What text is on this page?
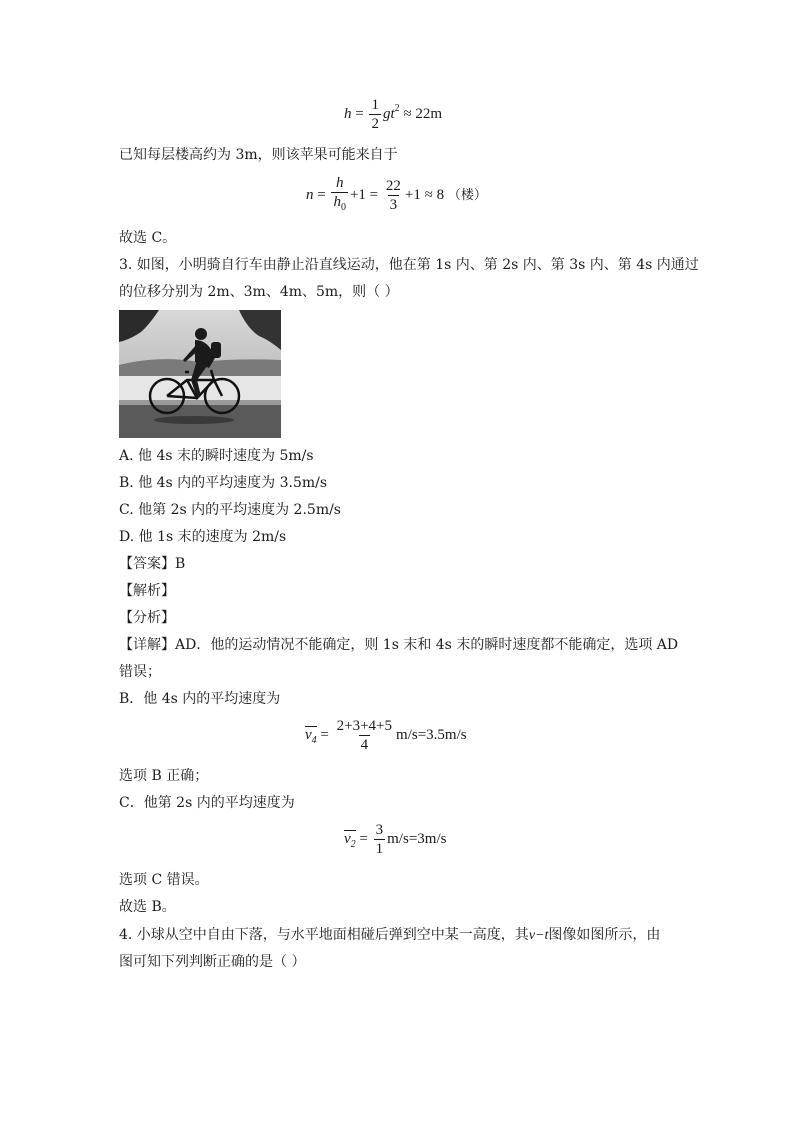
$h = \frac{1}{2} gt^2 \approx 22m$
已知每层楼高约为 3m，则该苹果可能来自于
$n = \frac{h}{h_0} +1 = \frac{22}{3} +1 \approx 8$ （楼）
故选 C。
3. 如图，小明骑自行车由静止沿直线运动，他在第 1s 内、第 2s 内、第 3s 内、第 4s 内通过
的位移分别为 2m、3m、4m、5m，则（ ）
A. 他 4s 末的瞬时速度为 5m/s
B. 他 4s 内的平均速度为 3.5m/s
C. 他第 2s 内的平均速度为 2.5m/s
D. 他 1s 末的速度为 2m/s
【答案】B
【解析】
【分析】
【详解】AD．他的运动情况不能确定，则 1s 末和 4s 末的瞬时速度都不能确定，选项 AD
错误；
B．他 4s 内的平均速度为
$v_4 = \frac{2+3+4+5}{4} m/s=3.5m/s$
选项 B 正确；
C．他第 2s 内的平均速度为
$v_2 = \frac{3}{1} m/s=3m/s$
选项 C 错误。
故选 B。
4. 小球从空中自由下落，与水平地面相碰后弹到空中某一高度，其v−t图像如图所示，由
图可知下列判断正确的是（ ）
